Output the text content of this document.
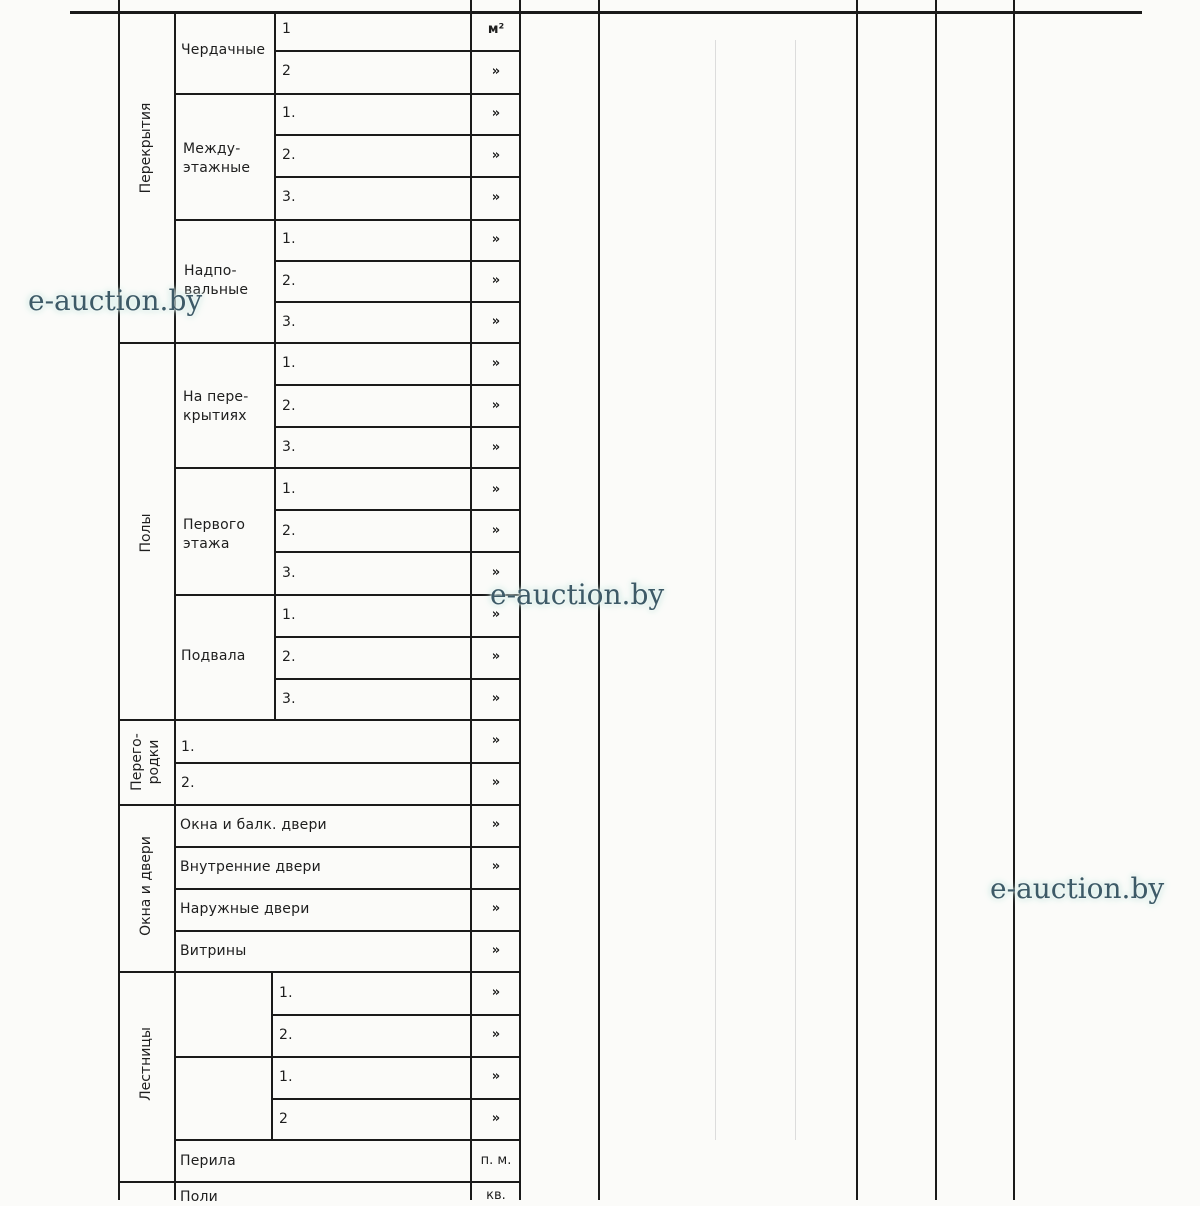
Перекрытия
Полы
Перего-
родки
Окна и двери
Лестницы
Чердачные
Между-
этажные
Надпо-
вальные
На пере-
крытиях
Первого
этажа
Подвала
Окна и балк. двери
Внутренние двери
Наружные двери
Витрины
Перила
Поли
1
2
1.
2.
3.
1.
2.
3.
1.
2.
3.
1.
2.
3.
1.
2.
3.
1.
2.
1.
2.
1.
2
м²
»
»
»
»
»
»
»
»
»
»
»
»
»
»
»
»
»
»
»
»
»
»
»
»
»
»
п. м.
кв.
e-auction.by
e-auction.by
e-auction.by
